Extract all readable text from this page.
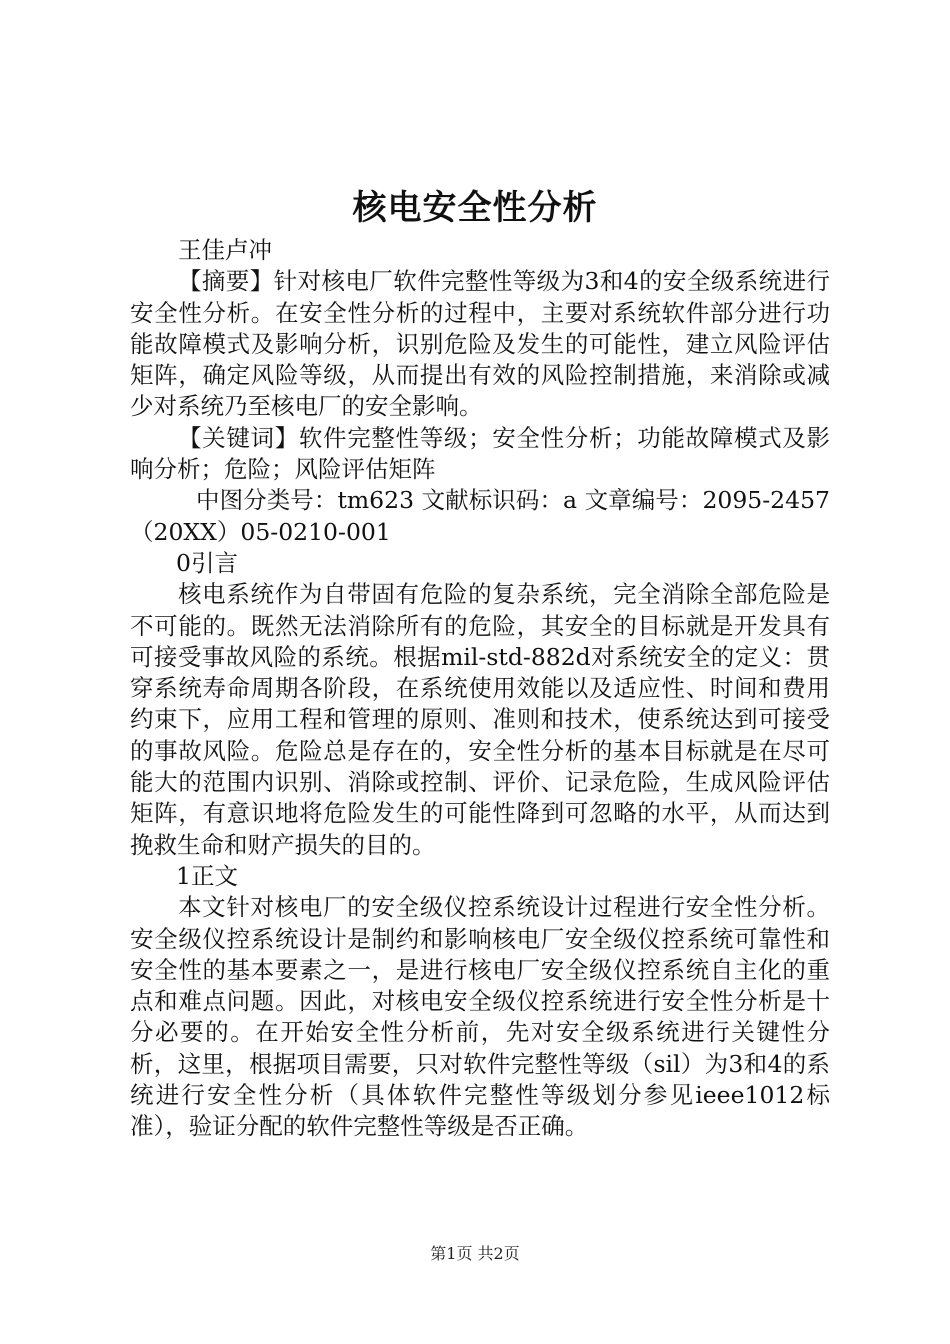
核电安全性分析

王佳卢冲

【摘要】针对核电厂软件完整性等级为3和4的安全级系统进行安全性分析。在安全性分析的过程中，主要对系统软件部分进行功能故障模式及影响分析，识别危险及发生的可能性，建立风险评估矩阵，确定风险等级，从而提出有效的风险控制措施，来消除或减少对系统乃至核电厂的安全影响。

【关键词】软件完整性等级；安全性分析；功能故障模式及影响分析；危险；风险评估矩阵

中图分类号：tm623 文献标识码：a 文章编号：2095-2457（20XX）05-0210-001

0引言

核电系统作为自带固有危险的复杂系统，完全消除全部危险是不可能的。既然无法消除所有的危险，其安全的目标就是开发具有可接受事故风险的系统。根据mil-std-882d对系统安全的定义：贯穿系统寿命周期各阶段，在系统使用效能以及适应性、时间和费用约束下，应用工程和管理的原则、准则和技术，使系统达到可接受的事故风险。危险总是存在的，安全性分析的基本目标就是在尽可能大的范围内识别、消除或控制、评价、记录危险，生成风险评估矩阵，有意识地将危险发生的可能性降到可忽略的水平，从而达到挽救生命和财产损失的目的。

1正文

本文针对核电厂的安全级仪控系统设计过程进行安全性分析。安全级仪控系统设计是制约和影响核电厂安全级仪控系统可靠性和安全性的基本要素之一，是进行核电厂安全级仪控系统自主化的重点和难点问题。因此，对核电安全级仪控系统进行安全性分析是十分必要的。在开始安全性分析前，先对安全级系统进行关键性分析，这里，根据项目需要，只对软件完整性等级（sil）为3和4的系统进行安全性分析（具体软件完整性等级划分参见ieee1012标准），验证分配的软件完整性等级是否正确。

第1页 共2页
